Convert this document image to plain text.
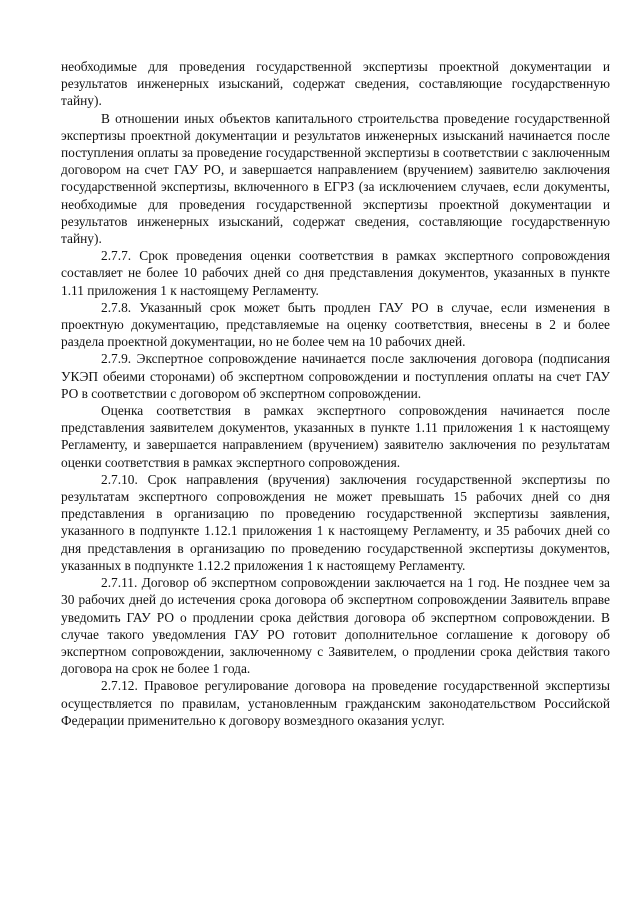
необходимые для проведения государственной экспертизы проектной документации и результатов инженерных изысканий, содержат сведения, составляющие государственную тайну).

В отношении иных объектов капитального строительства проведение государственной экспертизы проектной документации и результатов инженерных изысканий начинается после поступления оплаты за проведение государственной экспертизы в соответствии с заключенным договором на счет ГАУ РО, и завершается направлением (вручением) заявителю заключения государственной экспертизы, включенного в ЕГРЗ (за исключением случаев, если документы, необходимые для проведения государственной экспертизы проектной документации и результатов инженерных изысканий, содержат сведения, составляющие государственную тайну).

2.7.7. Срок проведения оценки соответствия в рамках экспертного сопровождения составляет не более 10 рабочих дней со дня представления документов, указанных в пункте 1.11 приложения 1 к настоящему Регламенту.

2.7.8. Указанный срок может быть продлен ГАУ РО в случае, если изменения в проектную документацию, представляемые на оценку соответствия, внесены в 2 и более раздела проектной документации, но не более чем на 10 рабочих дней.

2.7.9. Экспертное сопровождение начинается после заключения договора (подписания УКЭП обеими сторонами) об экспертном сопровождении и поступления оплаты на счет ГАУ РО в соответствии с договором об экспертном сопровождении.

Оценка соответствия в рамках экспертного сопровождения начинается после представления заявителем документов, указанных в пункте 1.11 приложения 1 к настоящему Регламенту, и завершается направлением (вручением) заявителю заключения по результатам оценки соответствия в рамках экспертного сопровождения.

2.7.10. Срок направления (вручения) заключения государственной экспертизы по результатам экспертного сопровождения не может превышать 15 рабочих дней со дня представления в организацию по проведению государственной экспертизы заявления, указанного в подпункте 1.12.1 приложения 1 к настоящему Регламенту, и 35 рабочих дней со дня представления в организацию по проведению государственной экспертизы документов, указанных в подпункте 1.12.2 приложения 1 к настоящему Регламенту.

2.7.11. Договор об экспертном сопровождении заключается на 1 год. Не позднее чем за 30 рабочих дней до истечения срока договора об экспертном сопровождении Заявитель вправе уведомить ГАУ РО о продлении срока действия договора об экспертном сопровождении. В случае такого уведомления ГАУ РО готовит дополнительное соглашение к договору об экспертном сопровождении, заключенному с Заявителем, о продлении срока действия такого договора на срок не более 1 года.

2.7.12. Правовое регулирование договора на проведение государственной экспертизы осуществляется по правилам, установленным гражданским законодательством Российской Федерации применительно к договору возмездного оказания услуг.
